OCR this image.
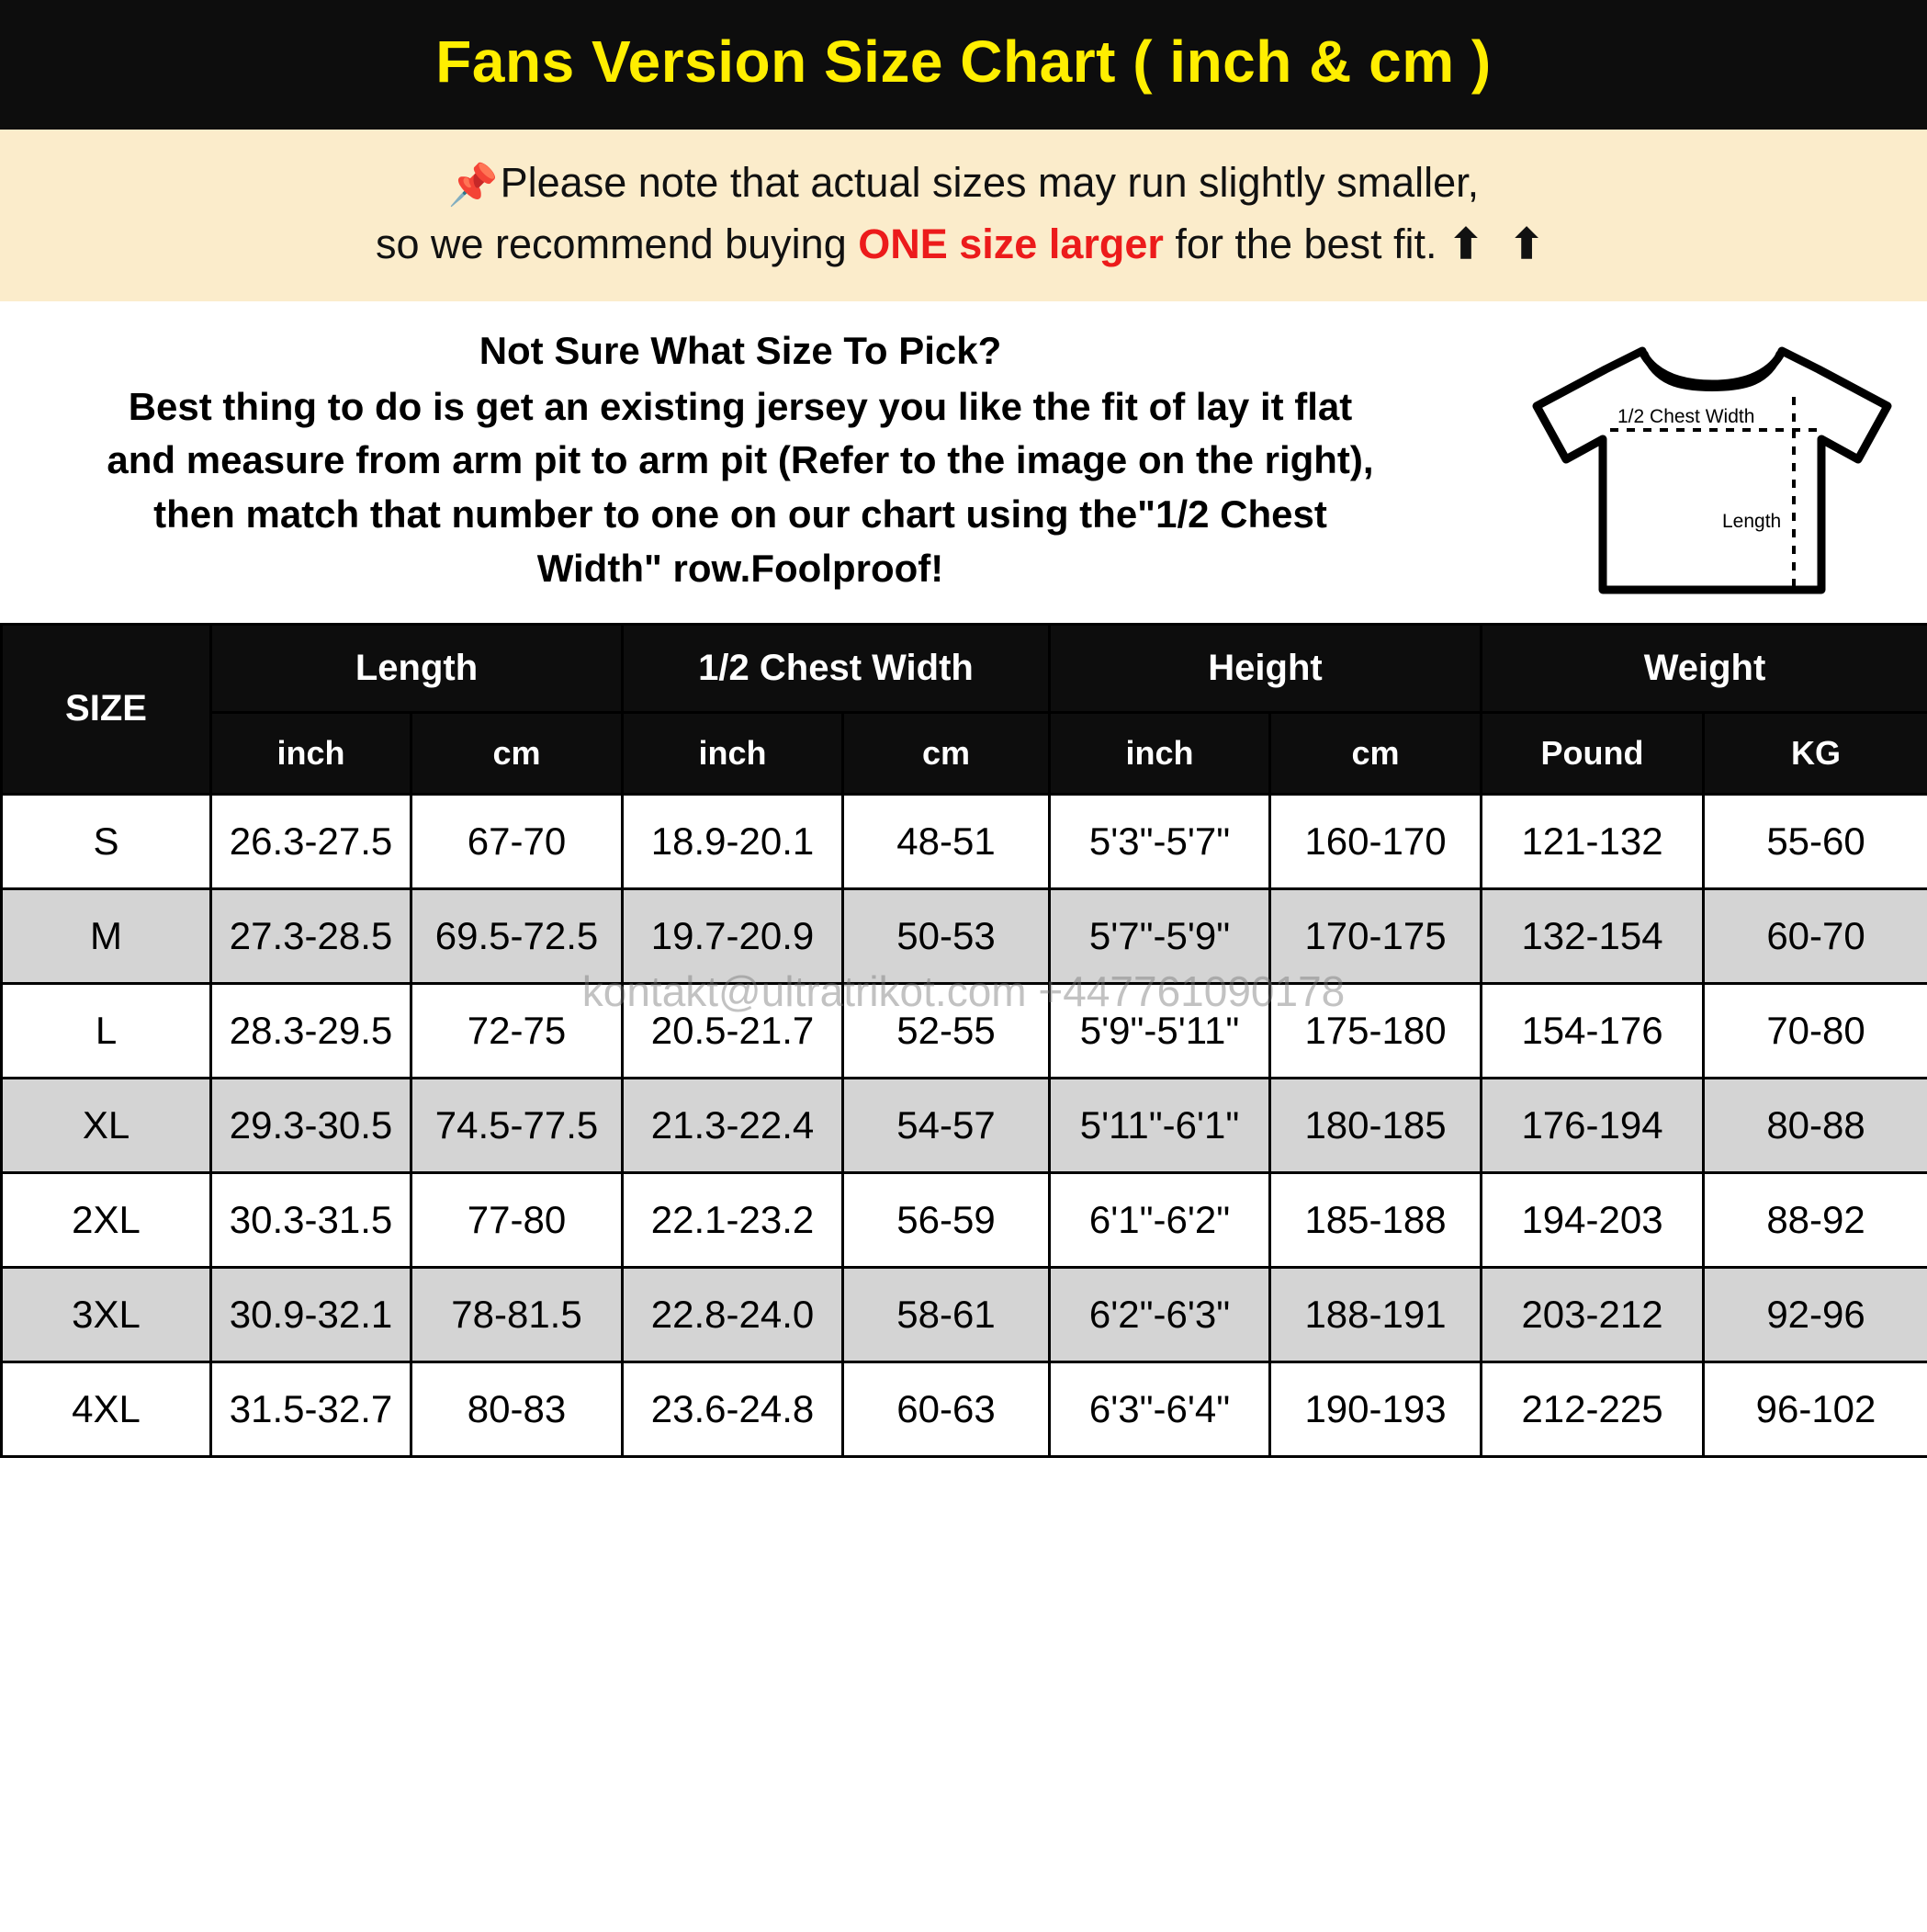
Fans Version Size Chart ( inch & cm )
📌Please note that actual sizes may run slightly smaller,
so we recommend buying ONE size larger for the best fit. ⬆ ⬆
Not Sure What Size To Pick?
Best thing to do is get an existing jersey you like the fit of lay it flat
and measure from arm pit to arm pit (Refer to the image on the right),
then match that number to one on our chart using the"1/2 Chest
Width" row.Foolproof!
1/2 Chest Width
Length
SIZE	Length		1/2 Chest Width		Height		Weight	
	inch	cm	inch	cm	inch	cm	Pound	KG
S	26.3-27.5	67-70	18.9-20.1	48-51	5'3"-5'7"	160-170	121-132	55-60
M	27.3-28.5	69.5-72.5	19.7-20.9	50-53	5'7"-5'9"	170-175	132-154	60-70
L	28.3-29.5	72-75	20.5-21.7	52-55	5'9"-5'11"	175-180	154-176	70-80
XL	29.3-30.5	74.5-77.5	21.3-22.4	54-57	5'11"-6'1"	180-185	176-194	80-88
2XL	30.3-31.5	77-80	22.1-23.2	56-59	6'1"-6'2"	185-188	194-203	88-92
3XL	30.9-32.1	78-81.5	22.8-24.0	58-61	6'2"-6'3"	188-191	203-212	92-96
4XL	31.5-32.7	80-83	23.6-24.8	60-63	6'3"-6'4"	190-193	212-225	96-102
kontakt@ultratrikot.com +447761090178
